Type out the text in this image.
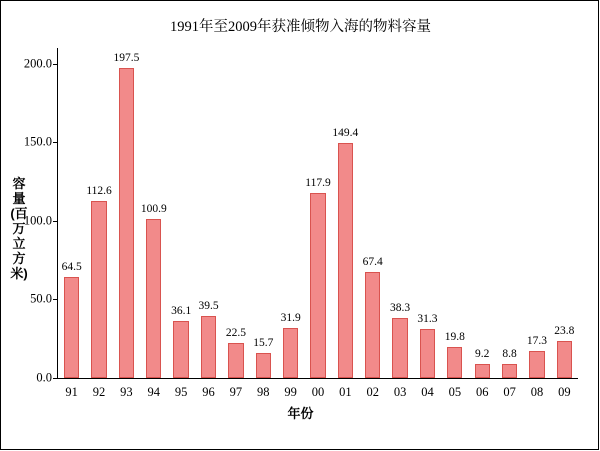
1991年至2009年获准倾物入海的物料容量
容量(百万立方米)
0.0
50.0
100.0
150.0
200.0
64.5
91
112.6
92
197.5
93
100.9
94
36.1
95
39.5
96
22.5
97
15.7
98
31.9
99
117.9
00
149.4
01
67.4
02
38.3
03
31.3
04
19.8
05
9.2
06
8.8
07
17.3
08
23.8
09
年份
